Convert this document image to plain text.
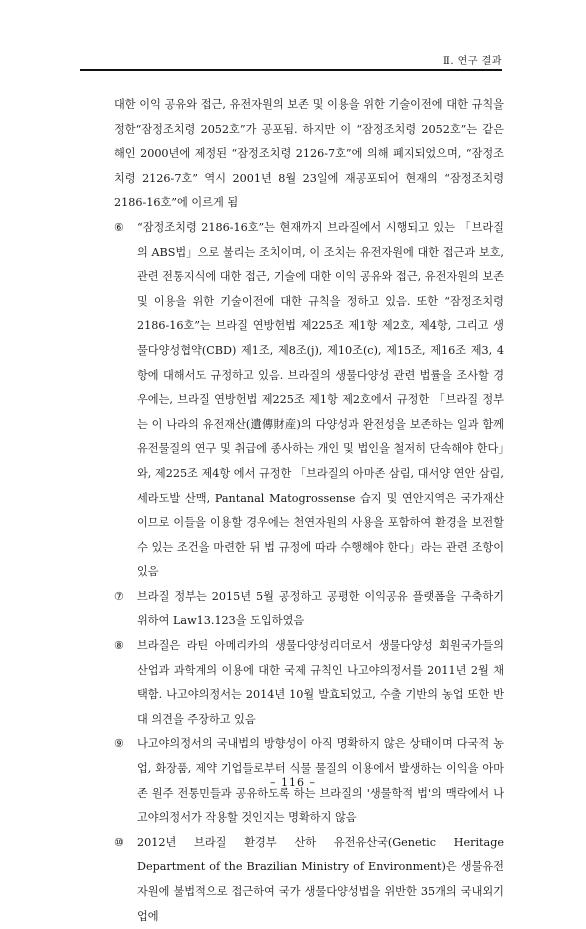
Ⅱ. 연구 결과

대한 이익 공유와 접근, 유전자원의 보존 및 이용을 위한 기술이전에 대한 규칙을 정한“잠정조치령 2052호”가 공포됨. 하지만 이 “잠정조치령 2052호”는 같은 해인 2000년에 제정된 “잠정조치령 2126-7호”에 의해 폐지되었으며, “잠정조치령 2126-7호” 역시 2001년 8월 23일에 재공포되어 현재의 “잠정조치령 2186-16호”에 이르게 됨

⑥	“잠정조치령 2186-16호”는 현재까지 브라질에서 시행되고 있는 「브라질의 ABS법」으로 불리는 조치이며, 이 조치는 유전자원에 대한 접근과 보호, 관련 전통지식에 대한 접근, 기술에 대한 이익 공유와 접근, 유전자원의 보존 및 이용을 위한 기술이전에 대한 규칙을 정하고 있음. 또한 “잠정조치령 2186-16호”는 브라질 연방헌법 제225조 제1항 제2호, 제4항, 그리고 생물다양성협약(CBD) 제1조, 제8조(j), 제10조(c), 제15조, 제16조 제3, 4항에 대해서도 규정하고 있음. 브라질의 생물다양성 관련 법률을 조사할 경우에는, 브라질 연방헌법 제225조 제1항 제2호에서 규정한 「브라질 정부는 이 나라의 유전재산(遺傳財産)의 다양성과 완전성을 보존하는 일과 함께 유전물질의 연구 및 취급에 종사하는 개인 및 법인을 철저히 단속해야 한다」와, 제225조 제4항 에서 규정한 「브라질의 아마존 삼림, 대서양 연안 삼림, 세라도발 산맥, Pantanal Matogrossense 습지 및 연안지역은 국가재산이므로 이들을 이용할 경우에는 천연자원의 사용을 포함하여 환경을 보전할 수 있는 조건을 마련한 뒤 법 규정에 따라 수행해야 한다」라는 관련 조항이 있음
⑦	브라질 정부는 2015년 5월 공정하고 공평한 이익공유 플랫폼을 구축하기 위하여 Law13.123을 도입하였음
⑧	브라질은 라틴 아메리카의 생물다양성리더로서 생물다양성 회원국가들의 산업과 과학계의 이용에 대한 국제 규칙인 나고야의정서를 2011년 2월 채택함. 나고야의정서는 2014년 10월 발효되었고, 수출 기반의 농업 또한 반대 의견을 주장하고 있음
⑨	나고야의정서의 국내법의 방향성이 아직 명확하지 않은 상태이며 다국적 농업, 화장품, 제약 기업들로부터 식물 물질의 이용에서 발생하는 이익을 아마존 원주 전통민들과 공유하도록 하는 브라질의 '생물학적 법'의 맥락에서 나고야의정서가 작용할 것인지는 명확하지 않음
⑩	2012년 브라질 환경부 산하 유전유산국(Genetic Heritage Department of the Brazilian Ministry of Environment)은 생물유전자원에 불법적으로 접근하여 국가 생물다양성법을 위반한 35개의 국내외기업에
– 116 –
